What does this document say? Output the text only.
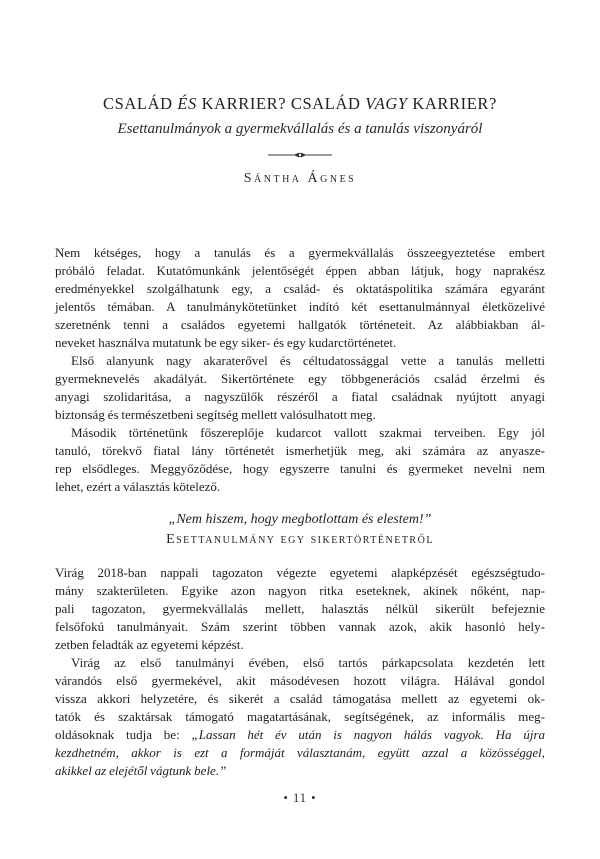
CSALÁD ÉS KARRIER? CSALÁD VAGY KARRIER?
Esettanulmányok a gyermekvállalás és a tanulás viszonyáról
Sántha Ágnes
Nem kétséges, hogy a tanulás és a gyermekvállalás összeegyeztetése embert
próbáló feladat. Kutatómunkánk jelentőségét éppen abban látjuk, hogy naprakész
eredményekkel szolgálhatunk egy, a család- és oktatáspolitika számára egyaránt
jelentős témában. A tanulmánykötetünket indító két esettanulmánnyal életközelivé
szeretnénk tenni a családos egyetemi hallgatók történeteit. Az alábbiakban ál-
neveket használva mutatunk be egy siker- és egy kudarctörténetet.
Első alanyunk nagy akaraterővel és céltudatossággal vette a tanulás melletti
gyermeknevelés akadályát. Sikertörténete egy többgenerációs család érzelmi és
anyagi szolidaritása, a nagyszülők részéről a fiatal családnak nyújtott anyagi
biztonság és természetbeni segítség mellett valósulhatott meg.
Második történetünk főszereplője kudarcot vallott szakmai terveiben. Egy jól
tanuló, törekvő fiatal lány történetét ismerhetjük meg, aki számára az anyasze-
rep elsődleges. Meggyőződése, hogy egyszerre tanulni és gyermeket nevelni nem
lehet, ezért a választás kötelező.
„Nem hiszem, hogy megbotlottam és elestem!”
Esettanulmány egy sikertörténetről
Virág 2018-ban nappali tagozaton végezte egyetemi alapképzését egészségtudo-
mány szakterületen. Egyike azon nagyon ritka eseteknek, akinek nőként, nap-
pali tagozaton, gyermekvállalás mellett, halasztás nélkül sikerült befejeznie
felsőfokú tanulmányait. Szám szerint többen vannak azok, akik hasonló hely-
zetben feladták az egyetemi képzést.
Virág az első tanulmányi évében, első tartós párkapcsolata kezdetén lett
várandós első gyermekével, akit másodévesen hozott világra. Hálával gondol
vissza akkori helyzetére, és sikerét a család támogatása mellett az egyetemi ok-
tatók és szaktársak támogató magatartásának, segítségének, az informális meg-
oldásoknak tudja be: „Lassan hét év után is nagyon hálás vagyok. Ha újra
kezdhetném, akkor is ezt a formáját választanám, együtt azzal a közösséggel,
akikkel az elejétől vágtunk bele.”
• 11 •
